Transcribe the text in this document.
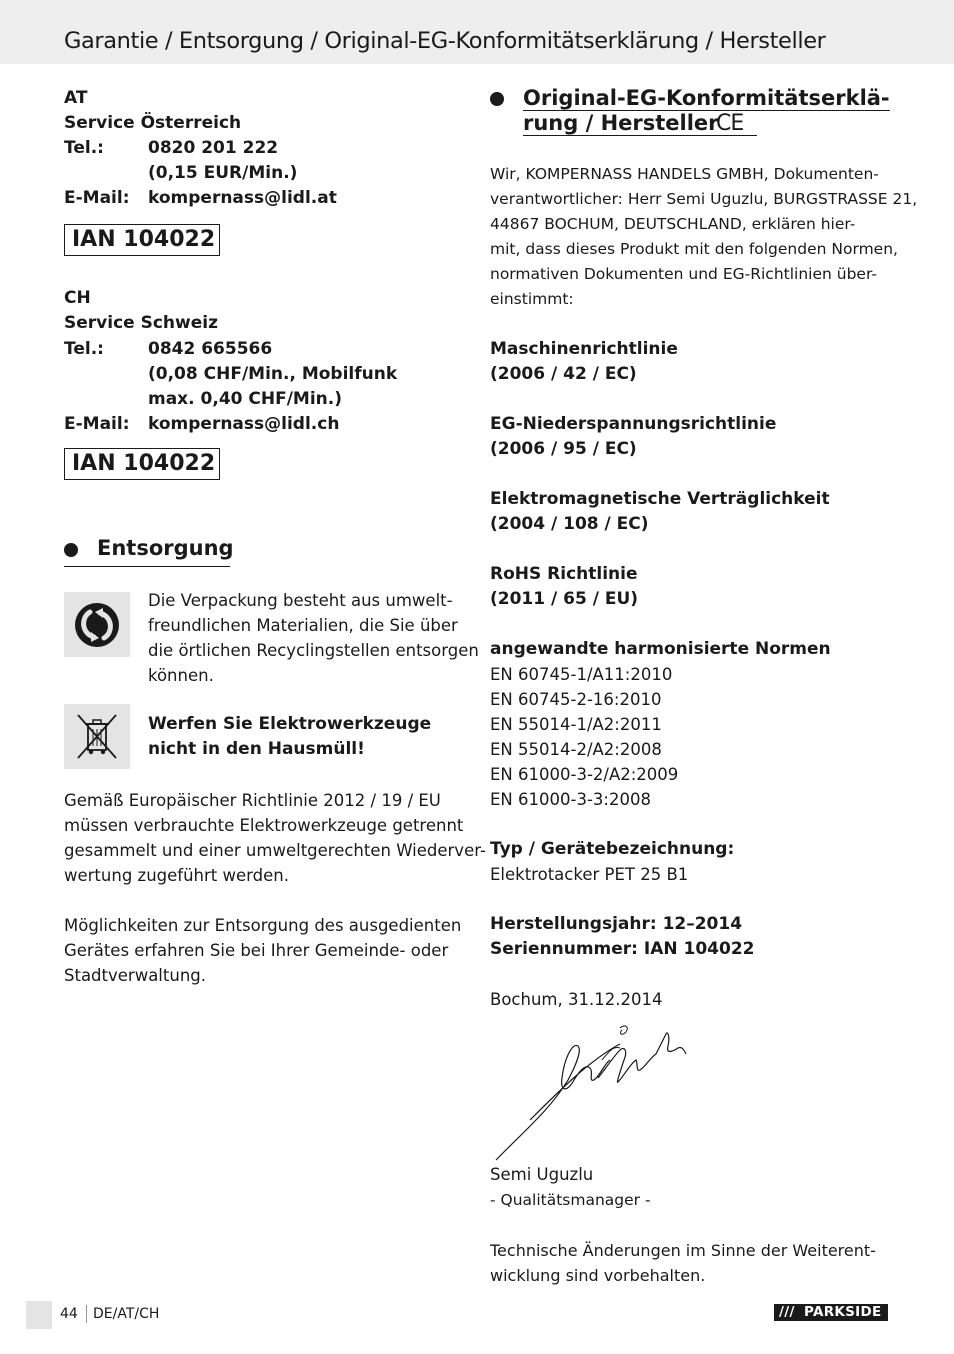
Garantie / Entsorgung / Original-EG-Konformitätserklärung / Hersteller
AT
Service Österreich
Tel.:	0820 201 222
(0,15 EUR/Min.)
E-Mail: kompernass@lidl.at
IAN 104022
CH
Service Schweiz
Tel.:	0842 665566
(0,08 CHF/Min., Mobilfunk
max. 0,40 CHF/Min.)
E-Mail: kompernass@lidl.ch
IAN 104022
Entsorgung
Die Verpackung besteht aus umwelt-
freundlichen Materialien, die Sie über
die örtlichen Recyclingstellen entsorgen
können.
Werfen Sie Elektrowerkzeuge
nicht in den Hausmüll!
Gemäß Europäischer Richtlinie 2012 / 19 / EU
müssen verbrauchte Elektrowerkzeuge getrennt
gesammelt und einer umweltgerechten Wiederver-
wertung zugeführt werden.
Möglichkeiten zur Entsorgung des ausgedienten
Gerätes erfahren Sie bei Ihrer Gemeinde- oder
Stadtverwaltung.
Original-EG-Konformitätserklä-
rung / Hersteller
CE
Wir, KOMPERNASS HANDELS GMBH, Dokumenten-
verantwortlicher: Herr Semi Uguzlu, BURGSTRASSE 21,
44867 BOCHUM, DEUTSCHLAND, erklären hier-
mit, dass dieses Produkt mit den folgenden Normen,
normativen Dokumenten und EG-Richtlinien über-
einstimmt:
Maschinenrichtlinie
(2006 / 42 / EC)
EG-Niederspannungsrichtlinie
(2006 / 95 / EC)
Elektromagnetische Verträglichkeit
(2004 / 108 / EC)
RoHS Richtlinie
(2011 / 65 / EU)
angewandte harmonisierte Normen
EN 60745-1/A11:2010
EN 60745-2-16:2010
EN 55014-1/A2:2011
EN 55014-2/A2:2008
EN 61000-3-2/A2:2009
EN 61000-3-3:2008
Typ / Gerätebezeichnung:
Elektrotacker PET 25 B1
Herstellungsjahr: 12–2014
Seriennummer: IAN 104022
Bochum, 31.12.2014
Semi Uguzlu
- Qualitätsmanager -
Technische Änderungen im Sinne der Weiterent-
wicklung sind vorbehalten.
44 DE/AT/CH	/// PARKSIDE
